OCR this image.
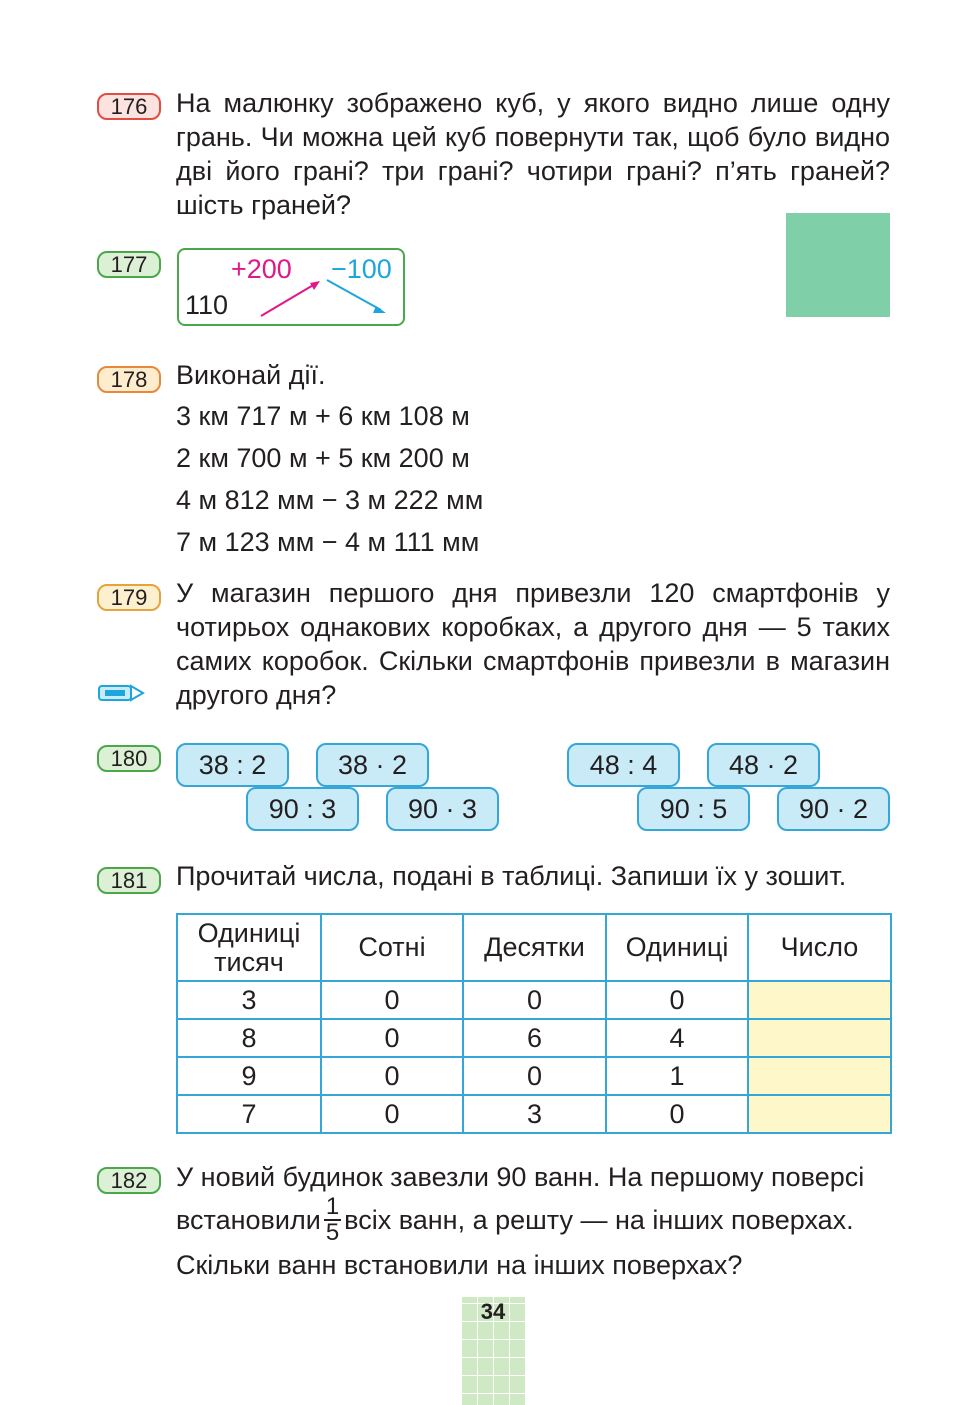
176	На малюнку зображено куб, у якого видно лише одну грань. Чи можна цей куб повернути так, щоб було видно дві його грані? три грані? чотири грані? п’ять граней? шість граней?
177
110
+200 −100
178	Виконай дії.
3 км 717 м + 6 км 108 м
2 км 700 м + 5 км 200 м
4 м 812 мм − 3 м 222 мм
7 м 123 мм − 4 м 111 мм
179	У магазин першого дня привезли 120 смартфонів у чотирьох однакових коробках, а другого дня — 5 таких самих коробок. Скільки смартфонів привезли в магазин другого дня?
180	38 : 2	38 · 2
90 : 3	90 · 3
48 : 4	48 · 2
90 : 5	90 · 2
181	Прочитай числа, подані в таблиці. Запиши їх у зошит.
Одиниці тисяч	Сотні	Десятки	Одиниці	Число
3	0	0	0	
8	0	6	4	
9	0	0	1	
7	0	3	0	
182	У новий будинок завезли 90 ванн. На першому поверсі
встановили $\frac{1}{5}$ всіх ванн, а решту — на інших поверхах.
Скільки ванн встановили на інших поверхах?
34
